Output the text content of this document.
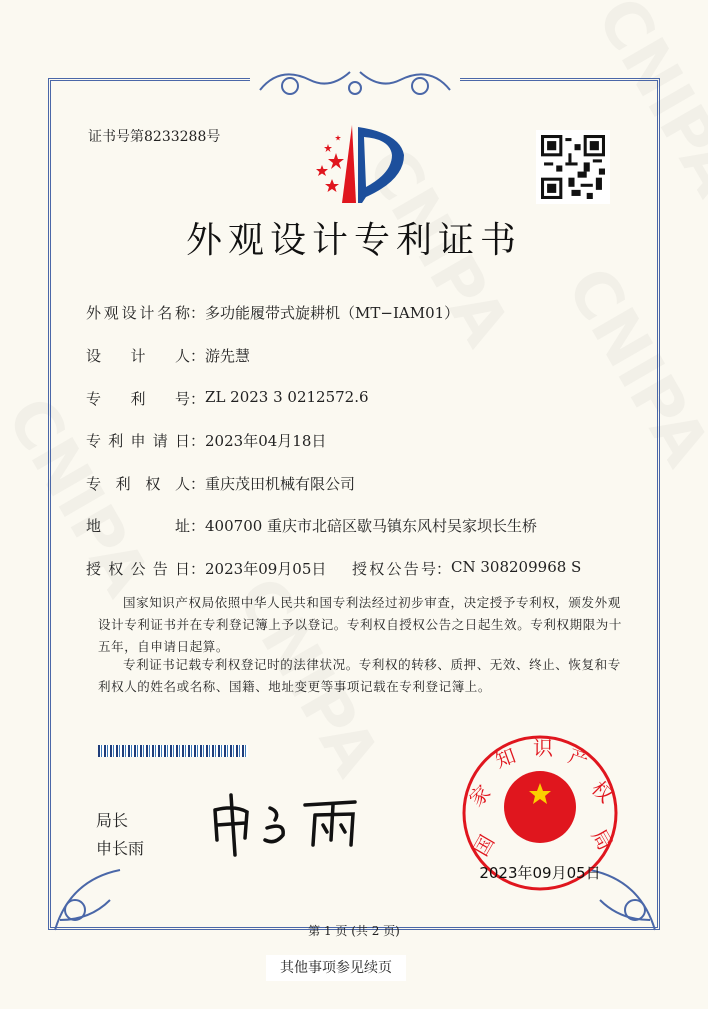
证书号第8233288号
外观设计专利证书
外观设计名称 ： 多功能履带式旋耕机（MT−IAM01）
设计人 ： 游先慧
专利号 ： ZL 2023 3 0212572.6
专利申请日 ： 2023年04月18日
专利权人 ： 重庆茂田机械有限公司
地址 ： 400700 重庆市北碚区歇马镇东风村吴家坝长生桥
授权公告日 ： 2023年09月05日 授权公告号 ： CN 308209968 S
国家知识产权局依照中华人民共和国专利法经过初步审查，决定授予专利权，颁发外观设计专利证书并在专利登记簿上予以登记。专利权自授权公告之日起生效。专利权期限为十五年，自申请日起算。
专利证书记载专利权登记时的法律状况。专利权的转移、质押、无效、终止、恢复和专利权人的姓名或名称、国籍、地址变更等事项记载在专利登记簿上。
局长
申长雨	国
家
知 识 产
权
局
2023年09月05日
第 1 页 (共 2 页)
其他事项参见续页
